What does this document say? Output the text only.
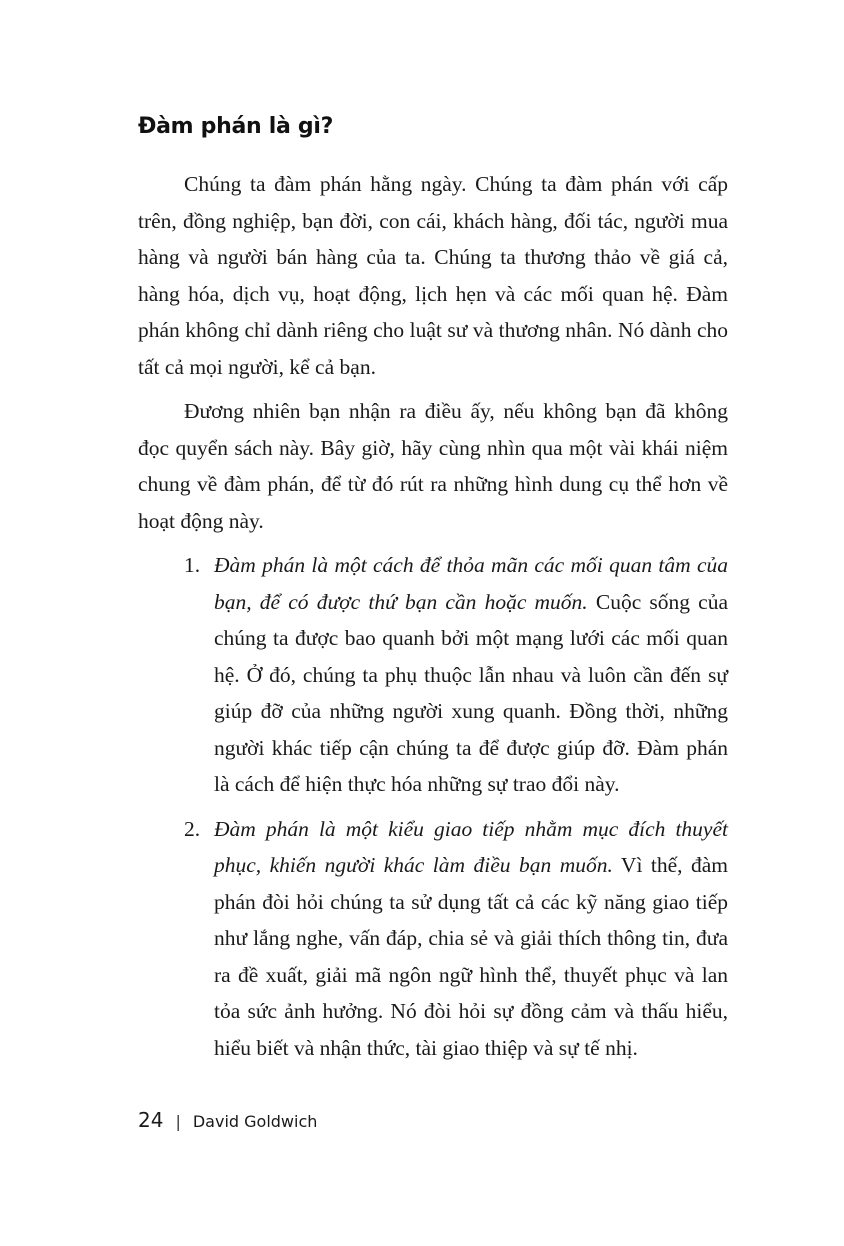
Đàm phán là gì?

Chúng ta đàm phán hằng ngày. Chúng ta đàm phán với cấp trên, đồng nghiệp, bạn đời, con cái, khách hàng, đối tác, người mua hàng và người bán hàng của ta. Chúng ta thương thảo về giá cả, hàng hóa, dịch vụ, hoạt động, lịch hẹn và các mối quan hệ. Đàm phán không chỉ dành riêng cho luật sư và thương nhân. Nó dành cho tất cả mọi người, kể cả bạn.

Đương nhiên bạn nhận ra điều ấy, nếu không bạn đã không đọc quyển sách này. Bây giờ, hãy cùng nhìn qua một vài khái niệm chung về đàm phán, để từ đó rút ra những hình dung cụ thể hơn về hoạt động này.

1. Đàm phán là một cách để thỏa mãn các mối quan tâm của bạn, để có được thứ bạn cần hoặc muốn. Cuộc sống của chúng ta được bao quanh bởi một mạng lưới các mối quan hệ. Ở đó, chúng ta phụ thuộc lẫn nhau và luôn cần đến sự giúp đỡ của những người xung quanh. Đồng thời, những người khác tiếp cận chúng ta để được giúp đỡ. Đàm phán là cách để hiện thực hóa những sự trao đổi này.
2. Đàm phán là một kiểu giao tiếp nhằm mục đích thuyết phục, khiến người khác làm điều bạn muốn. Vì thế, đàm phán đòi hỏi chúng ta sử dụng tất cả các kỹ năng giao tiếp như lắng nghe, vấn đáp, chia sẻ và giải thích thông tin, đưa ra đề xuất, giải mã ngôn ngữ hình thể, thuyết phục và lan tỏa sức ảnh hưởng. Nó đòi hỏi sự đồng cảm và thấu hiểu, hiểu biết và nhận thức, tài giao thiệp và sự tế nhị.
24 | David Goldwich
